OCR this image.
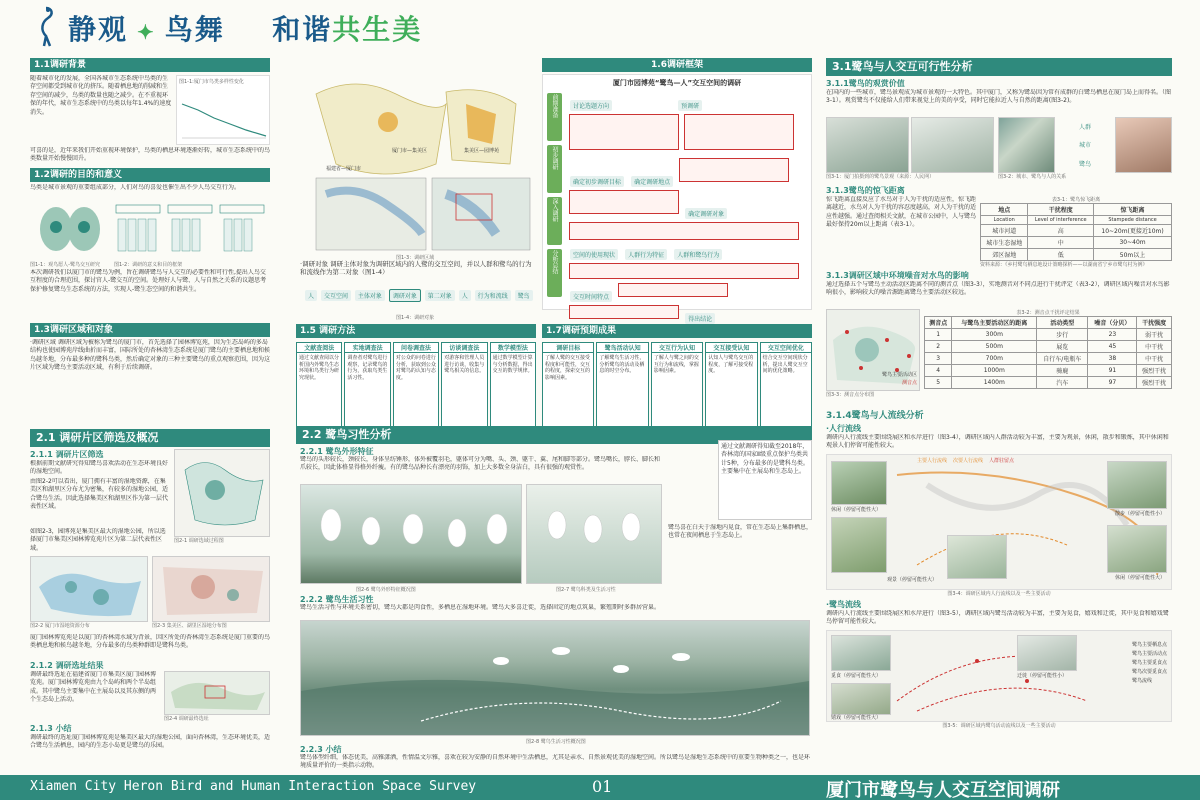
静观 ✦ 鸟舞 和谐共生美
1.1调研背景
随着城市化的发展，全国各城市生态系统中鸟类的生存空间都受到城市化的挤压。随着栖息地的削减和生存空间的减少，鸟类的数量也随之减少。在不重视环保的年代，城市生态系统中的鸟类以每年1.4%的速度消失。
图1-1:厦门市鸟类多样性变化
可喜的是，近年来我们开始重视环境保护，鸟类的栖息环境逐渐好转，城市生态系统中的鸟类数量开始慢慢回升。
1.2调研的目的和意义
鸟类是城市景观的重要组成部分，人们对鸟的喜爱也催生出不少人鸟交互行为。
图1-1：观鸟愿人-鹭鸟交互研究	图1-2：调研的意义和目的框架
本次调研我们以厦门市的鹭鸟为例，旨在调研鹭鸟与人交互的必要性和可行性,提出人鸟交互程度的合理范围，探讨官人-鹭交互的空间。处理好人与鹭、人与自然之关系的议题思考保护修复鹭鸟生态系统的方法，实现人-鹭生态空间的和谐共生。
1.3调研区域和对象
·调研区域 调研区域为被称为鹭鸟的厦门市，首先选择了园林博览苑，因为生态岛屿的多岛结构也使园博苑岸线曲折而丰富，国际所处的杏林湾生态系统是厦门鹭鸟的主要栖息地和候鸟越冬地，分布最多种的鹭科鸟类，然后确定对象的三种主要鹭鸟的重点观察范围，因为这片区域为鹭鸟主要活动区域，有利于后续调研。
2.1 调研片区筛选及概况
2.1.1 调研片区筛选
根据前期文献研究得知鹭鸟喜欢活动在生态环境良好的湿地空间。
由图2-2可以看出，厦门拥有丰富的湿地资源，在集美区和湖里区分布尤为密集，有较多的湿地公园，适合鹭鸟生活。因此选择集美区和湖里区作为第一层代表性区域。
如图2-3，园博苑是集美区最大的湿地公园，所以选择厦门市集美区园林博览苑片区为第二层代表性区域。
图2-1 调研选域过程图
图2-2 厦门市湿地资源分布	图2-3 集美区、湖里区湿地分布图
厦门园林博览苑是以厦门的杏林湾水域为背景，因区所处的杏林湾生态系统是厦门重要的鸟类栖息地和候鸟越冬地，分布最多的鸟类种群即是鹭科鸟类。
2.1.2 调研选址结果
调研最终选址在福建省厦门市集美区厦门园林博览苑。厦门园林博览苑由九个岛屿和两个半岛组成。其中鹭鸟主要集中在主展岛以及其东侧的两个生态岛上活动。
图2-4 调研最终选址
2.1.3 小结
调研最终的选址厦门园林博览苑是集美区最大的湿地公园，面向杏林湾，生态环境优美，适合鹭鸟生活栖息，园内的生态小岛更是鹭鸟的乐园。
1.6调研框架
福建省—厦门市
厦门市—集美区	集美区—园博苑
图1-3：调研区域
厦门市园博苑“鹭鸟—人”交互空间的调研
前期准备
初步调研
深入调研
分析总结
讨论选题方向	预调研   确定初步调研目标 确定调研地点   确定调研对象
空间的使用现状 人群行为特征 人群和鹭鸟行为
交互时间特点   得出结论
·调研对象 调研主体对象为调研区域内的人鹭的交互空间，并以人群和鹭鸟的行为和流线作为第二对象（图1-4）
人 交互空间 主体对象 调研对象 第二对象 人 行为和流线 鹭鸟
图1-4：调研对象
1.5 调研方法
文献查阅法
通过文献查阅以分析国内外鹭鸟生态环境和鸟类行为研究现状。
实地调查法
调查者对鹭鸟进行观察，记录鹭鸟的行为，获取鸟类生活习性。
问卷调查法
对公众的问卷进行分析，获取到公众对鹭鸟的认知与态度。
访谈调查法
对游客和管理人员进行访谈，收集与鹭鸟相关的信息。
数学模型法
通过数学模型计算与分析数据，得出交互的数学规律。
1.7调研预期成果
调研目标
了解人鹭的交互接受程度和可能性，交互的程度，探索交互的影响因素。
鹭鸟活动认知
了解鹭鸟生活习性，分析鹭鸟的活动及栖息的时空分布。
交互行为认知
了解人与鹭之间的交互行为和流线，掌握影响因素。
交互接受认知
认知人与鹭鸟交互的程度，了解可接受程度。
交互空间优化
结合交互空间现状分析，提出人鹭交互空间的优化策略。
2.2 鹭鸟习性分析
2.2.1 鹭鸟外形特征
鹭鸟的头形较长，颈较长，身体呈纺锤形，体外被覆羽毛，躯体可分为嘴、头、颈、躯干、翼、尾和脚等部分。鹭鸟嘴长，脖长、脚长和爪较长，因此体格显得格外纤瘦。有的鹭鸟品种长有漂亮的羽饰，加上大多数全身洁白，具有很强的观赏性。
图2-6 鹭鸟外形特征概况图	图2-7 鹭鸟科类及生活习性
通过文献调研得知截至2018年，杏林湾的国家Ⅱ级重点保护鸟类共计5种，分布最多的是鹭科鸟类。主要集中在主展岛和生态岛上。
鹭鸟喜在白天于湿地内觅食，常在生态岛上集群栖息，也常在夜间栖息于生态岛上。
2.2.2 鹭鸟生活习性
鹭鸟生活习性与环境关系密切，鹭鸟大都是肉食性，多栖息在湿地环境。鹭鸟大多喜迁徙，选择固定的地点筑巢，繁殖期时多群居营巢。
图2-8 鹭鸟生活习性概况图
2.2.3 小结
鹭鸟体型纤细，体态优美，高雅潇洒，性情温文尔雅，喜欢在较为安静的自然环境中生活栖息，尤其是亲水、自然景观优美的湿地空间。所以鹭鸟是湿地生态系统中的重要生物种类之一，也是环境质量评价的一类指示动物。
3.1鹭鸟与人交互可行性分析
3.1.1鹭鸟的观赏价值
在国内的一些城市，鹭鸟景观成为城市景观的一大特色。其中厦门，又称为鹭岛因为常有成群的白鹭鸟栖息在厦门岛上而得名。（图3-1）。观赏鹭鸟不仅能给人们带来视觉上的美的享受，同时它能拉近人与自然的距离(图3-2)。
图3-1：厦门拍摄到的鹭鸟景观（来源：人民网）
人群
城市
鹭鸟
图3-2：城市、鹭鸟与人的关系
3.1.3鹭鸟的惊飞距离
惊飞距离直接反应了水鸟对于人为干扰的适应性，惊飞距离越近，水鸟对人为干扰的容忍度越高，对人为干扰的适应性越强。通过查阅相关文献，在城市公园中，人与鹭鸟最好保持20m以上距离（表3-1）。
表3-1：鹭鸟惊飞距离
地点	干扰程度	惊飞距离
Location	Level of interference	Stampede distance
城市河道	高	10~20m(更接近10m)
城市生态湿地	中	30~40m
郊区湿地	低	50m以上
资料来源：《乡村鹭鸟栖息地设计策略探析——以湖南省宁乡市鹭鸟村为例》
3.1.3调研区域中环境噪音对水鸟的影响
通过选择五个与鹭鸟主动活动区距离不同的测音点（图3-3），实地测音对不同点进行干扰评定（表3-2），调研区域内噪音对水鸟影响很小，影响较大的噪音源距离鹭鸟主要活动区较远。
鹭鸟主要活动区
测音点
图3-3：测音点分布图
表3-2：测音点干扰评定结果
测音点	与鹭鸟主要活动区的距离	活动类型	噪音（分贝）	干扰强度
1	300m	步行	23	弱干扰
2	500m	展览	45	中干扰
3	700m	自行车/电瓶车	38	中干扰
4	1000m	骑鹿	91	强烈干扰
5	1400m	汽车	97	强烈干扰
3.1.4鹭鸟与人流线分析
·人行流线
调研内人行流线主要围绕展区和水岸进行（图3-4），调研区域内人群活动较为丰富，主要为观景，休闲，散步和锻炼，其中休闲和观景人们停留可能性较大。
主要人行流线 次要人行流线 人群驻留点
休闲（停留可能性大）
散步（停留可能性小）
观景（停留可能性大）	休闲（停留可能性大）
图3-4：调研区域内人行流线以及一些主要活动
·鹭鸟流线
调研内人行流线主要围绕展区和水岸进行（图3-5），调研区域内鹭鸟活动较为丰富，主要为觅食，嬉戏和迁徙，其中觅食和嬉戏鹭鸟停留可能性较大。
觅食（停留可能性大）
嬉戏（停留可能性大）
迁徙（停留可能性小）
鹭鸟主要栖息点
鹭鸟主要活动点
鹭鸟主要觅食点
鹭鸟次要觅食点
鹭鸟流线
图3-5：调研区域内鹭鸟活动流线以及一些主要活动
Xiamen City Heron Bird and Human Interaction Space Survey	01	厦门市鹭鸟与人交互空间调研
